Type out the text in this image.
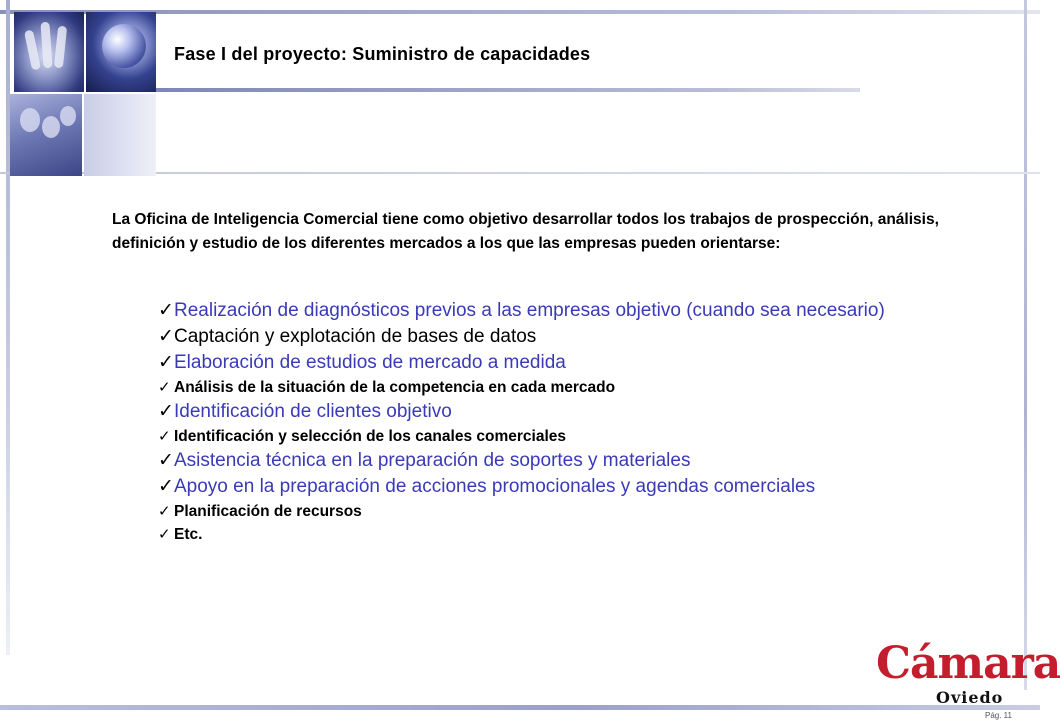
Fase I del proyecto: Suministro de capacidades

La Oficina de Inteligencia Comercial tiene como objetivo desarrollar todos los trabajos de prospección, análisis, definición y estudio de los diferentes mercados a los que las empresas pueden orientarse:

✓ Realización de diagnósticos previos a las empresas objetivo (cuando sea necesario)
✓ Captación y explotación de bases de datos
✓ Elaboración de estudios de mercado a medida
✓ Análisis de la situación de la competencia en cada mercado
✓ Identificación de clientes objetivo
✓ Identificación y selección de los canales comerciales
✓ Asistencia técnica en la preparación de soportes y materiales
✓ Apoyo en la preparación de acciones promocionales y agendas comerciales
✓ Planificación de recursos
✓ Etc.
Cámara
Oviedo
Pág. 11
